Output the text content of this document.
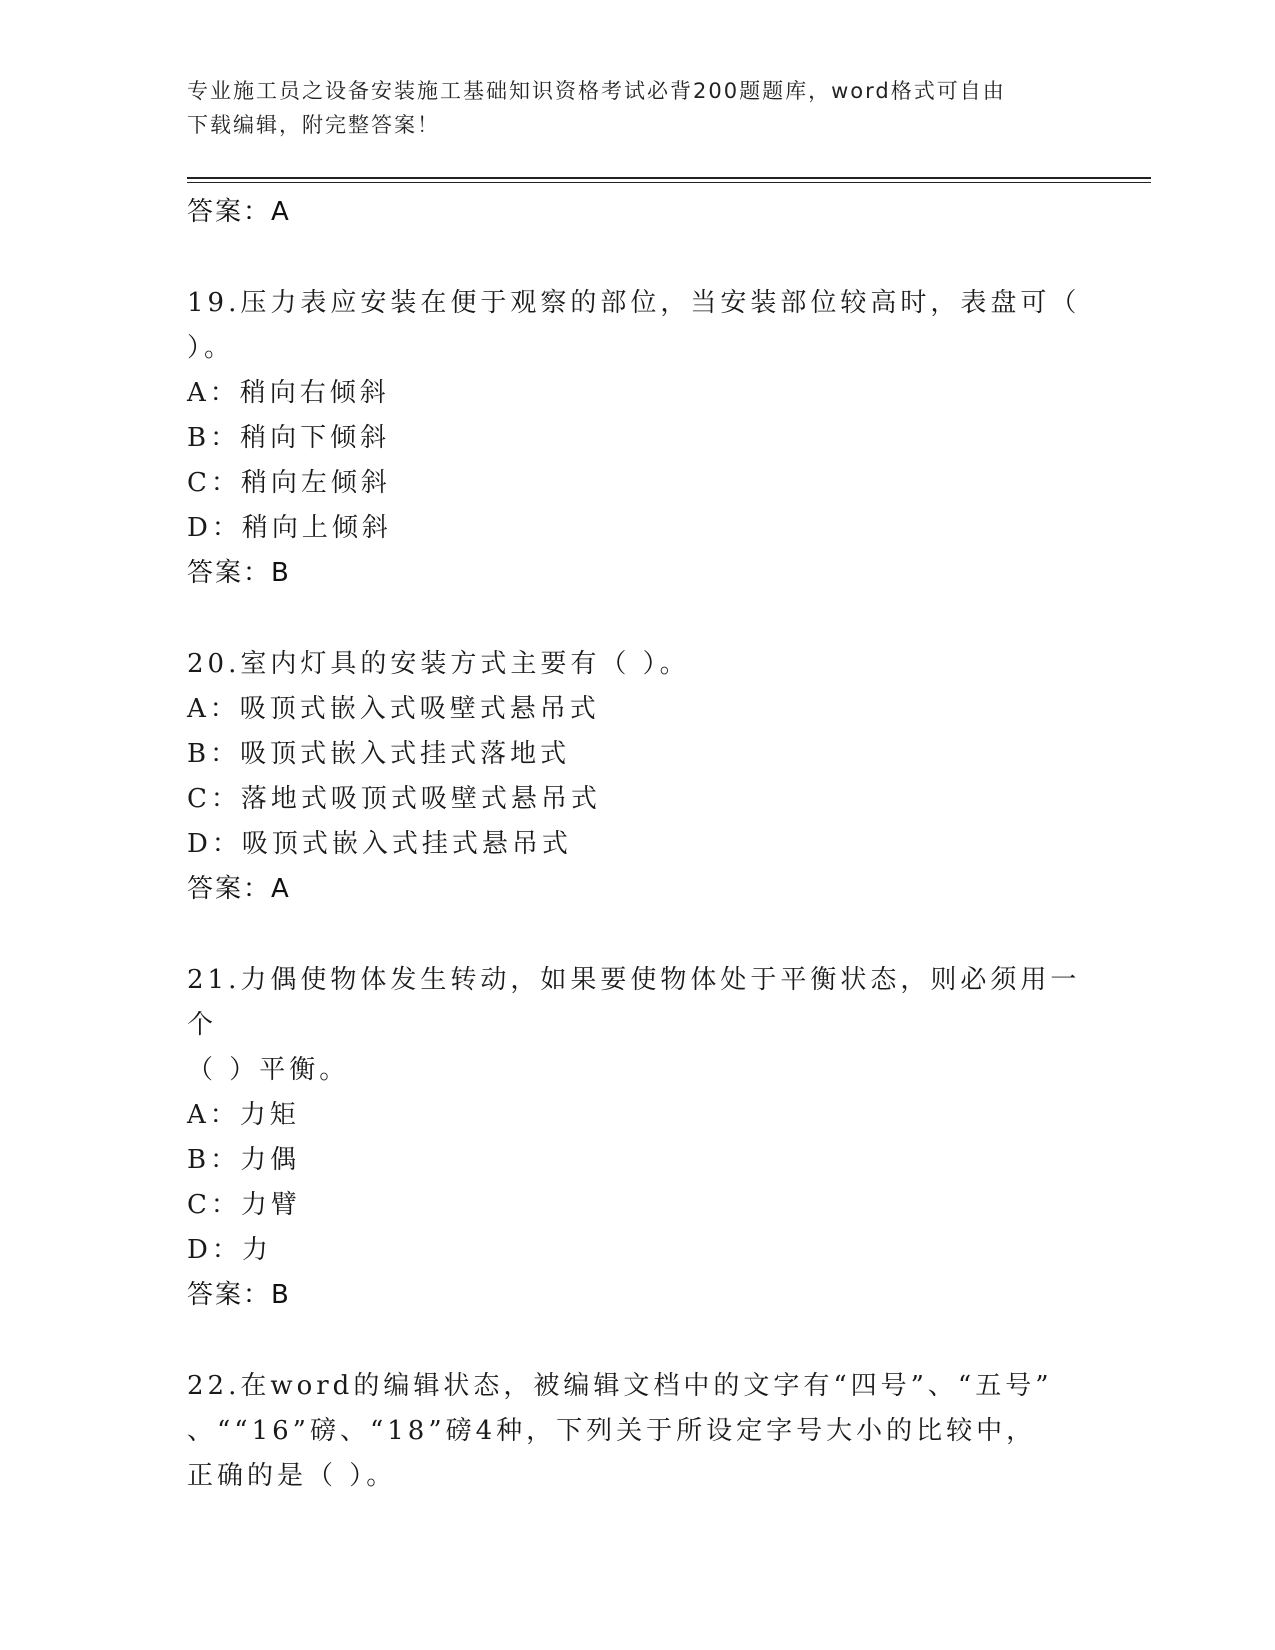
专业施工员之设备安装施工基础知识资格考试必背200题题库，word格式可自由
下载编辑，附完整答案！
答案：A
19.压力表应安装在便于观察的部位，当安装部位较高时，表盘可（
）。
A：稍向右倾斜
B：稍向下倾斜
C：稍向左倾斜
D：稍向上倾斜
答案：B
20.室内灯具的安装方式主要有（ ）。
A：吸顶式嵌入式吸壁式悬吊式
B：吸顶式嵌入式挂式落地式
C：落地式吸顶式吸壁式悬吊式
D：吸顶式嵌入式挂式悬吊式
答案：A
21.力偶使物体发生转动，如果要使物体处于平衡状态，则必须用一个
（ ）平衡。
A：力矩
B：力偶
C：力臂
D：力
答案：B
22.在word的编辑状态，被编辑文档中的文字有“四号”、“五号”
、““16”磅、“18”磅4种，下列关于所设定字号大小的比较中，
正确的是（ ）。
